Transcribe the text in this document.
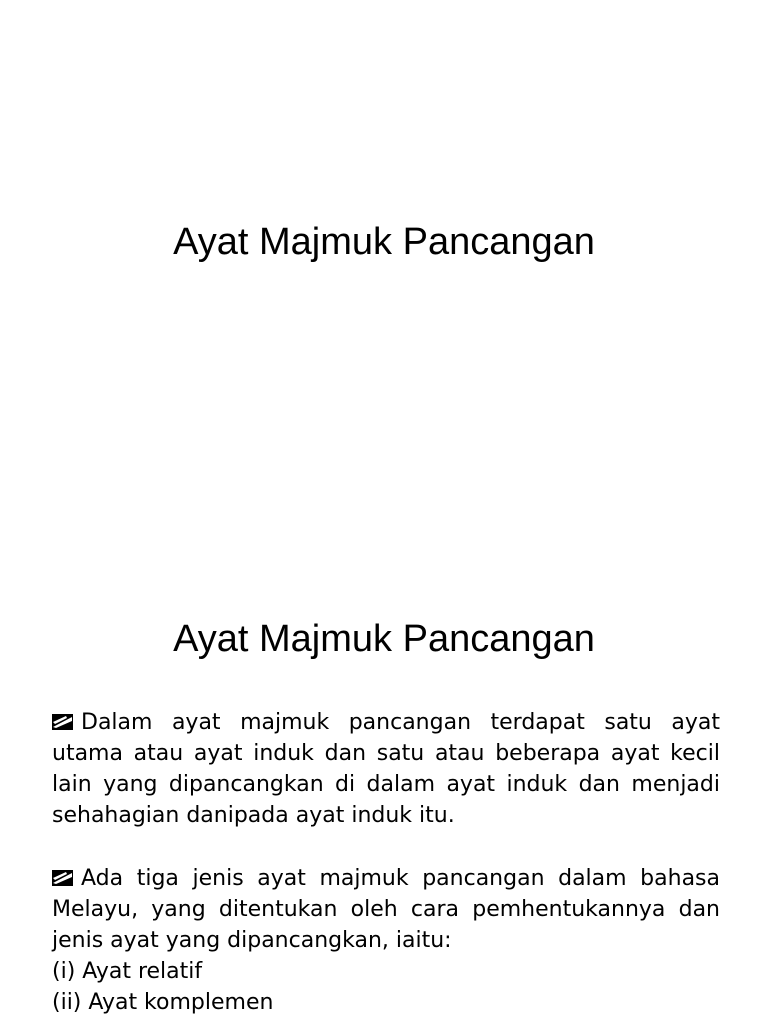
Ayat Majmuk Pancangan
Ayat Majmuk Pancangan

Dalam ayat majmuk pancangan terdapat satu ayat utama atau ayat induk dan satu atau beberapa ayat kecil lain yang dipancangkan di dalam ayat induk dan menjadi sehahagian danipada ayat induk itu.

Ada tiga jenis ayat majmuk pancangan dalam bahasa Melayu, yang ditentukan oleh cara pemhentukannya dan jenis ayat yang dipancangkan, iaitu:
(i) Ayat relatif
(ii) Ayat komplemen
